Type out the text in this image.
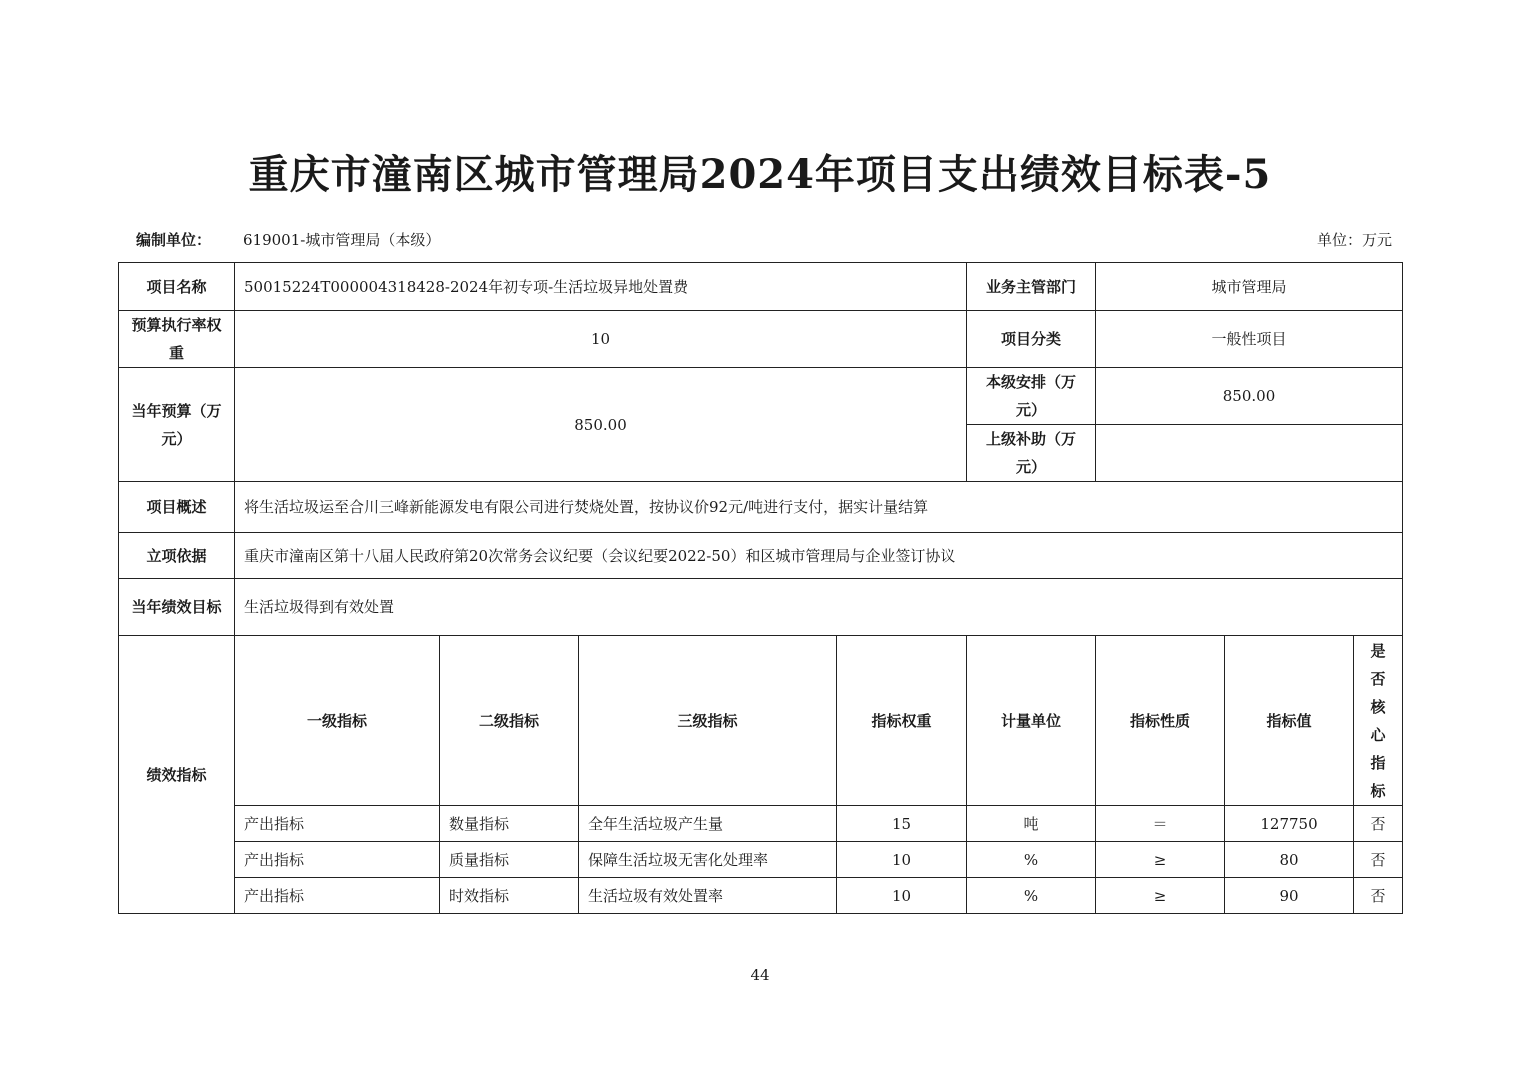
重庆市潼南区城市管理局2024年项目支出绩效目标表-5
编制单位： 619001-城市管理局（本级）	单位：万元
项目名称	50015224T000004318428-2024年初专项-生活垃圾异地处置费				业务主管部门	城市管理局		
预算执行率权重	10				项目分类	一般性项目		
当年预算（万元）	850.00				本级安排（万元）	850.00		
					上级补助（万元）			
项目概述	将生活垃圾运至合川三峰新能源发电有限公司进行焚烧处置，按协议价92元/吨进行支付，据实计量结算							
立项依据	重庆市潼南区第十八届人民政府第20次常务会议纪要（会议纪要2022-50）和区城市管理局与企业签订协议							
当年绩效目标	生活垃圾得到有效处置							
绩效指标	一级指标	二级指标	三级指标	指标权重	计量单位	指标性质	指标值	是否核心指标

	产出指标	数量指标	全年生活垃圾产生量	15	吨	＝	127750	否
	产出指标	质量指标	保障生活垃圾无害化处理率	10	%	≥	80	否
	产出指标	时效指标	生活垃圾有效处置率	10	%	≥	90	否
44
